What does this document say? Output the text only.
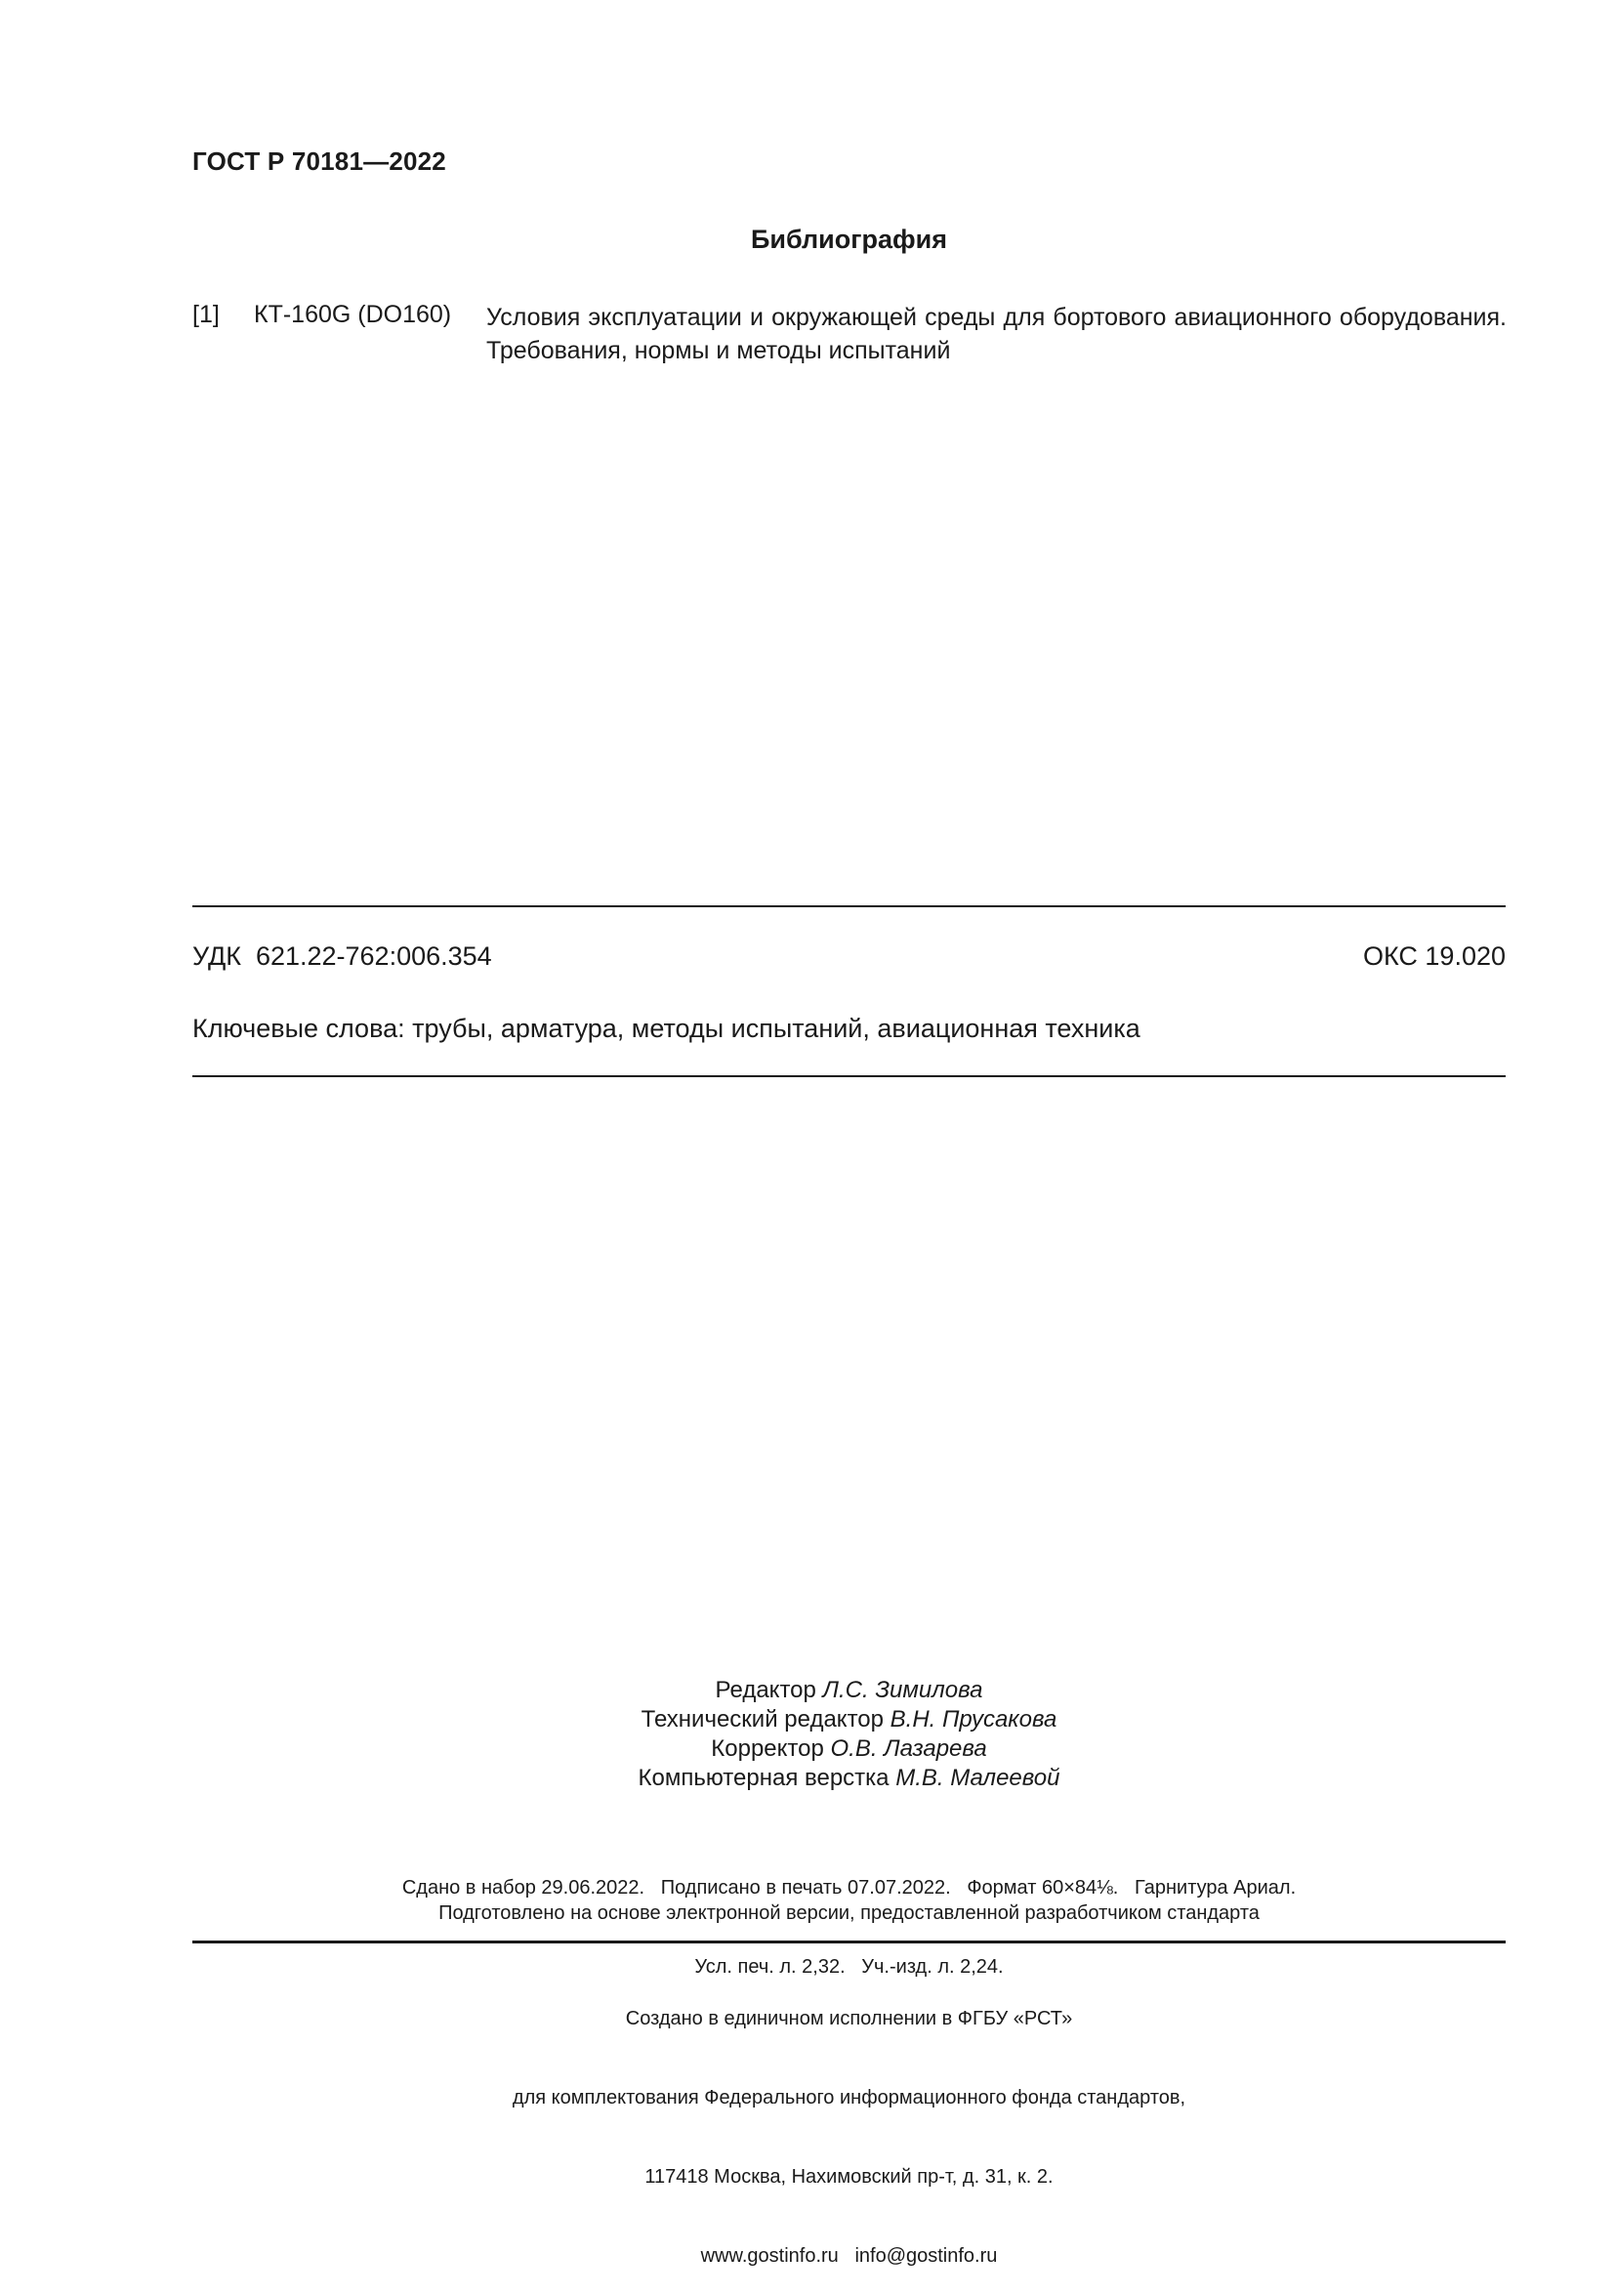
ГОСТ Р 70181—2022
Библиография
[1] КТ-160G (DO160) Условия эксплуатации и окружающей среды для бортового авиационного оборудования.
Требования, нормы и методы испытаний
УДК  621.22-762:006.354	ОКС 19.020
Ключевые слова: трубы, арматура, методы испытаний, авиационная техника
Редактор Л.С. Зимилова
Технический редактор В.Н. Прусакова
Корректор О.В. Лазарева
Компьютерная верстка М.В. Малеевой

Сдано в набор 29.06.2022.   Подписано в печать 07.07.2022.   Формат 60×84⅛.   Гарнитура Ариал.

Усл. печ. л. 2,32.   Уч.-изд. л. 2,24.

Подготовлено на основе электронной версии, предоставленной разработчиком стандарта

Создано в единичном исполнении в ФГБУ «РСТ»

для комплектования Федерального информационного фонда стандартов,

117418 Москва, Нахимовский пр-т, д. 31, к. 2.

www.gostinfo.ru   info@gostinfo.ru
